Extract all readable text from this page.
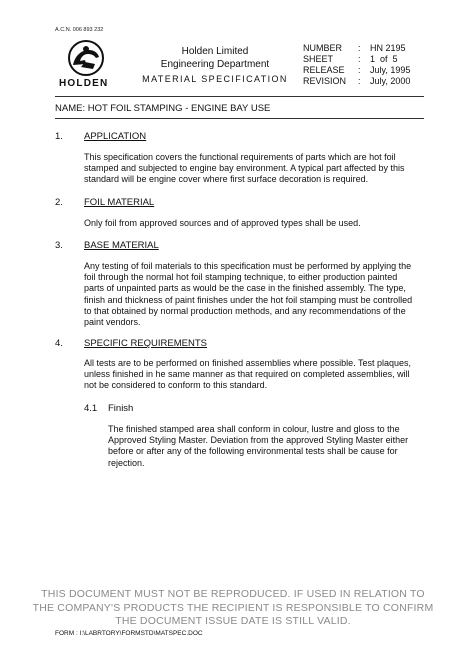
A.C.N. 006 893 232
HOLDEN
Holden Limited
Engineering Department
MATERIAL SPECIFICATION
NUMBER	:	HN 2195
SHEET	:	1  of  5
RELEASE	:	July, 1995
REVISION	:	July, 2000
NAME: HOT FOIL STAMPING - ENGINE BAY USE
1. APPLICATION
This specification covers the functional requirements of parts which are hot foil stamped and subjected to engine bay environment. A typical part affected by this standard will be engine cover where first surface decoration is required.
2. FOIL MATERIAL
Only foil from approved sources and of approved types shall be used.
3. BASE MATERIAL
Any testing of foil materials to this specification must be performed by applying the foil through the normal hot foil stamping technique, to either production painted parts of unpainted parts as would be the case in the finished assembly. The type, finish and thickness of paint finishes under the hot foil stamping must be controlled to that obtained by normal production methods, and any recommendations of the paint vendors.
4. SPECIFIC REQUIREMENTS
All tests are to be performed on finished assemblies where possible. Test plaques, unless finished in he same manner as that required on completed assemblies, will not be considered to conform to this standard.
4.1 Finish
The finished stamped area shall conform in colour, lustre and gloss to the Approved Styling Master. Deviation from the approved Styling Master either before or after any of the following environmental tests shall be cause for rejection.
THIS DOCUMENT MUST NOT BE REPRODUCED. IF USED IN RELATION TO THE COMPANY'S PRODUCTS THE RECIPIENT IS RESPONSIBLE TO CONFIRM THE DOCUMENT ISSUE DATE IS STILL VALID.
FORM : I:\LABRTORY\FORMSTD\MATSPEC.DOC
